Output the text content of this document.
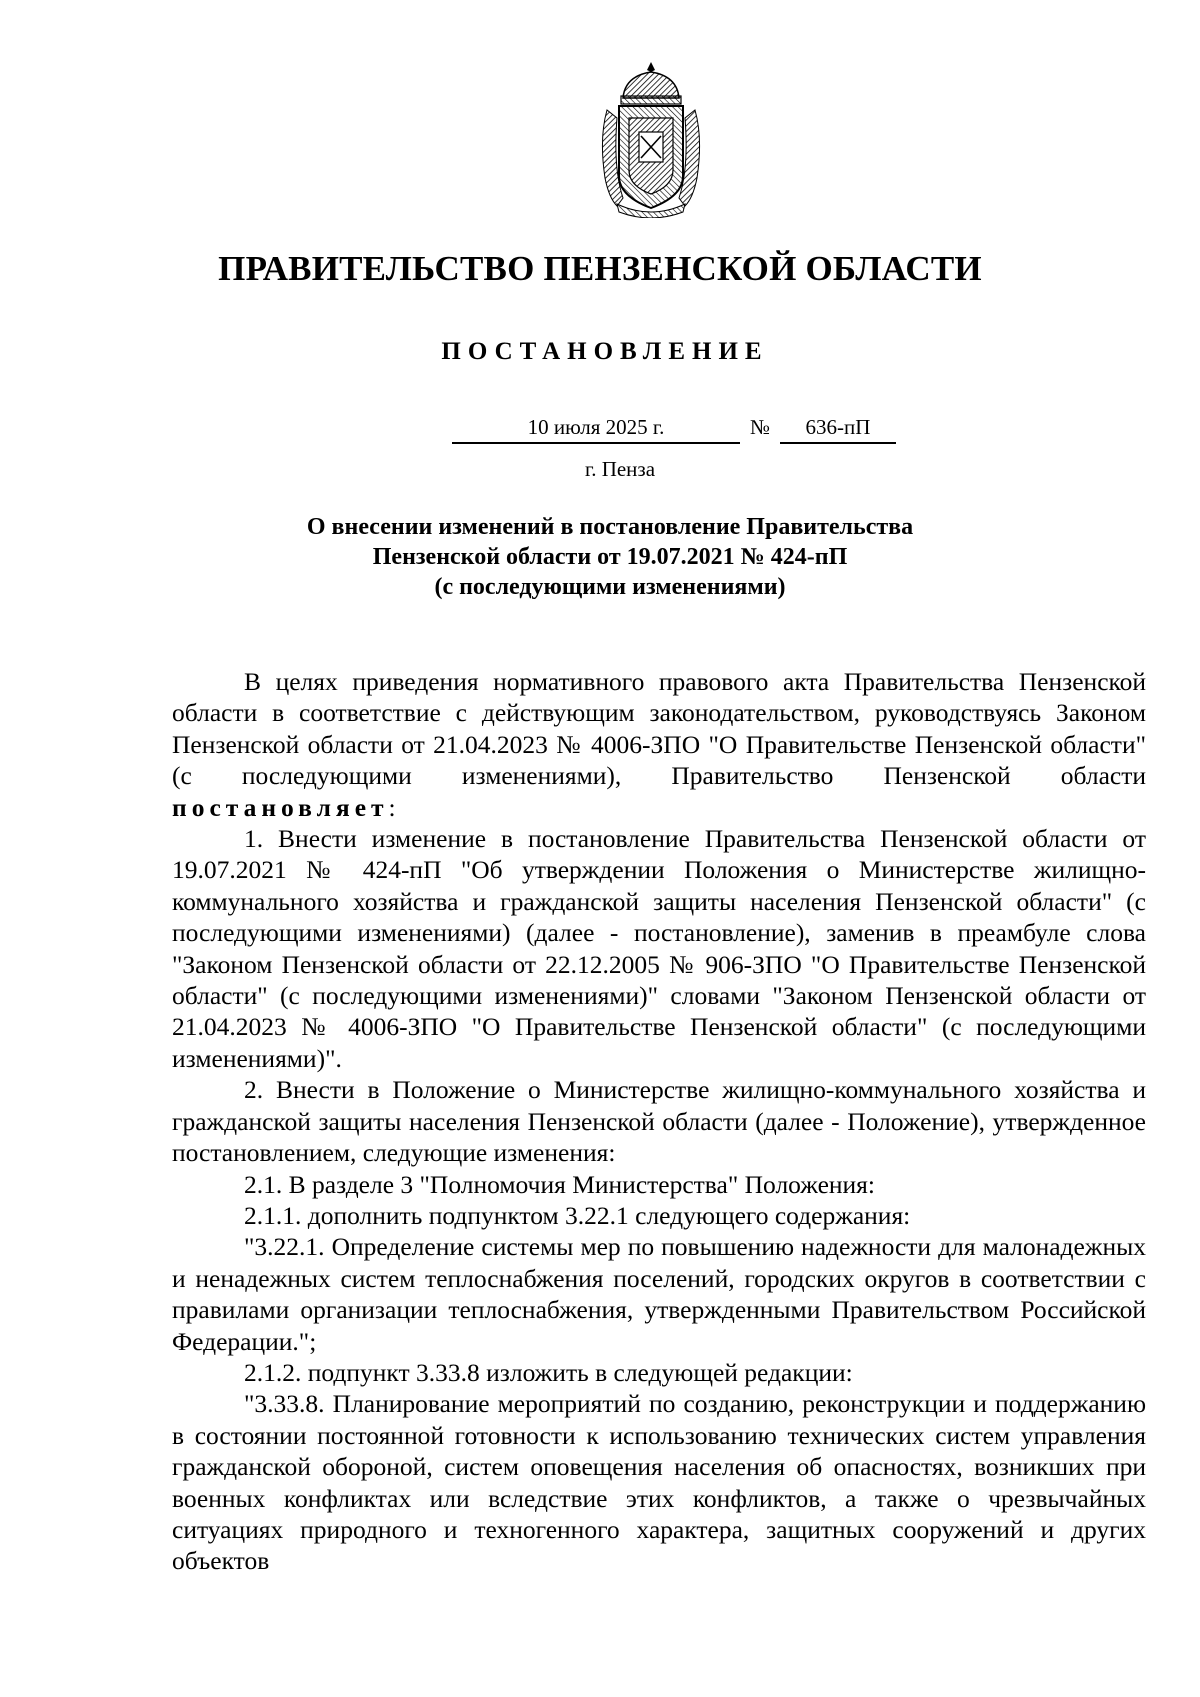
ПРАВИТЕЛЬСТВО ПЕНЗЕНСКОЙ ОБЛАСТИ
ПОСТАНОВЛЕНИЕ
10 июля 2025 г.	№	636-пП
г. Пенза
О внесении изменений в постановление Правительства
Пензенской области от 19.07.2021 № 424-пП
(с последующими изменениями)

В целях приведения нормативного правового акта Правительства Пензенской области в соответствие с действующим законодательством, руководствуясь Законом Пензенской области от 21.04.2023 № 4006-ЗПО "О Правительстве Пензенской области" (с последующими изменениями), Правительство Пензенской области постановляет:

1. Внести изменение в постановление Правительства Пензенской области от 19.07.2021 № 424-пП "Об утверждении Положения о Министерстве жилищно-коммунального хозяйства и гражданской защиты населения Пензенской области" (с последующими изменениями) (далее - постановление), заменив в преамбуле слова "Законом Пензенской области от 22.12.2005 № 906-ЗПО "О Правительстве Пензенской области" (с последующими изменениями)" словами "Законом Пензенской области от 21.04.2023 № 4006-ЗПО "О Правительстве Пензенской области" (с последующими изменениями)".

2. Внести в Положение о Министерстве жилищно-коммунального хозяйства и гражданской защиты населения Пензенской области (далее - Положение), утвержденное постановлением, следующие изменения:

2.1. В разделе 3 "Полномочия Министерства" Положения:

2.1.1. дополнить подпунктом 3.22.1 следующего содержания:

"3.22.1. Определение системы мер по повышению надежности для малонадежных и ненадежных систем теплоснабжения поселений, городских округов в соответствии с правилами организации теплоснабжения, утвержденными Правительством Российской Федерации.";

2.1.2. подпункт 3.33.8 изложить в следующей редакции:

"3.33.8. Планирование мероприятий по созданию, реконструкции и поддержанию в состоянии постоянной готовности к использованию технических систем управления гражданской обороной, систем оповещения населения об опасностях, возникших при военных конфликтах или вследствие этих конфликтов, а также о чрезвычайных ситуациях природного и техногенного характера, защитных сооружений и других объектов
